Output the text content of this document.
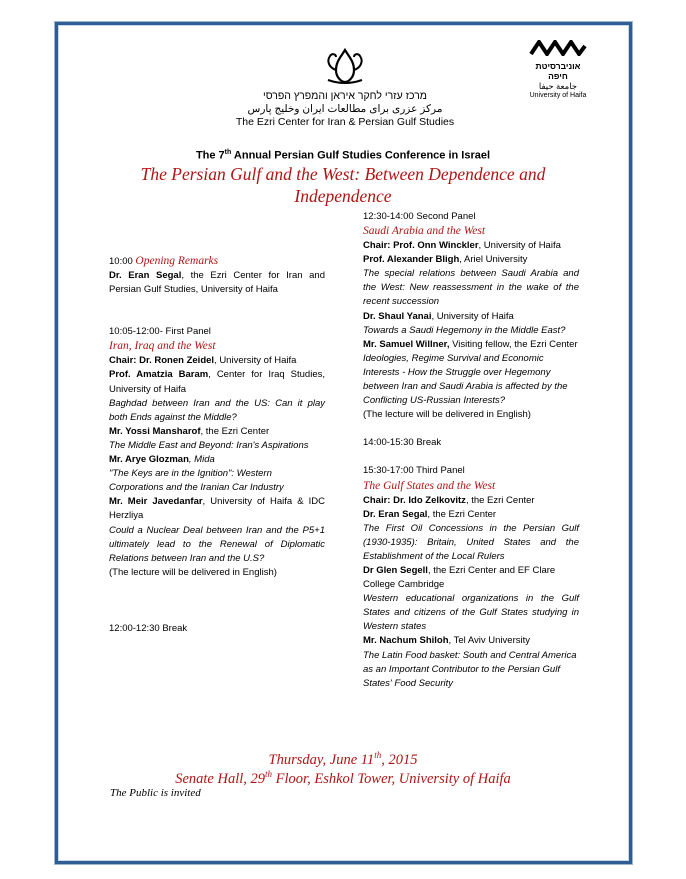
אוניברסיטת חיפה
جامعة حيفا
University of Haifa
מרכז עזרי לחקר איראן והמפרץ הפרסי
مرکز عزری برای مطالعات ایران وخلیج پارس
The Ezri Center for Iran & Persian Gulf Studies
The 7th Annual Persian Gulf Studies Conference in Israel
The Persian Gulf and the West: Between Dependence and
Independence

10:00 Opening Remarks

Dr. Eran Segal, the Ezri Center for Iran and Persian Gulf Studies, University of Haifa

10:05-12:00- First Panel

Iran, Iraq and the West

Chair: Dr. Ronen Zeidel, University of Haifa

Prof. Amatzia Baram, Center for Iraq Studies, University of Haifa

Baghdad between Iran and the US: Can it play both Ends against the Middle?

Mr. Yossi Mansharof, the Ezri Center

The Middle East and Beyond: Iran's Aspirations

Mr. Arye Glozman, Mida

"The Keys are in the Ignition": Western Corporations and the Iranian Car Industry

Mr. Meir Javedanfar, University of Haifa & IDC Herzliya

Could a Nuclear Deal between Iran and the P5+1 ultimately lead to the Renewal of Diplomatic Relations between Iran and the U.S?

(The lecture will be delivered in English)

12:00-12:30 Break

12:30-14:00 Second Panel

Saudi Arabia and the West

Chair: Prof. Onn Winckler, University of Haifa

Prof. Alexander Bligh, Ariel University

The special relations between Saudi Arabia and the West: New reassessment in the wake of the recent succession

Dr. Shaul Yanai, University of Haifa

Towards a Saudi Hegemony in the Middle East?

Mr. Samuel Willner, Visiting fellow, the Ezri Center

Ideologies, Regime Survival and Economic Interests - How the Struggle over Hegemony between Iran and Saudi Arabia is affected by the Conflicting US-Russian Interests?

(The lecture will be delivered in English)

14:00-15:30 Break

15:30-17:00 Third Panel

The Gulf States and the West

Chair: Dr. Ido Zelkovitz, the Ezri Center

Dr. Eran Segal, the Ezri Center

The First Oil Concessions in the Persian Gulf (1930-1935): Britain, United States and the Establishment of the Local Rulers

Dr Glen Segell, the Ezri Center and EF Clare College Cambridge

Western educational organizations in the Gulf States and citizens of the Gulf States studying in Western states

Mr. Nachum Shiloh, Tel Aviv University

The Latin Food basket: South and Central America as an Important Contributor to the Persian Gulf States' Food Security

Thursday, June 11th, 2015
Senate Hall, 29th Floor, Eshkol Tower, University of Haifa
The Public is invited
